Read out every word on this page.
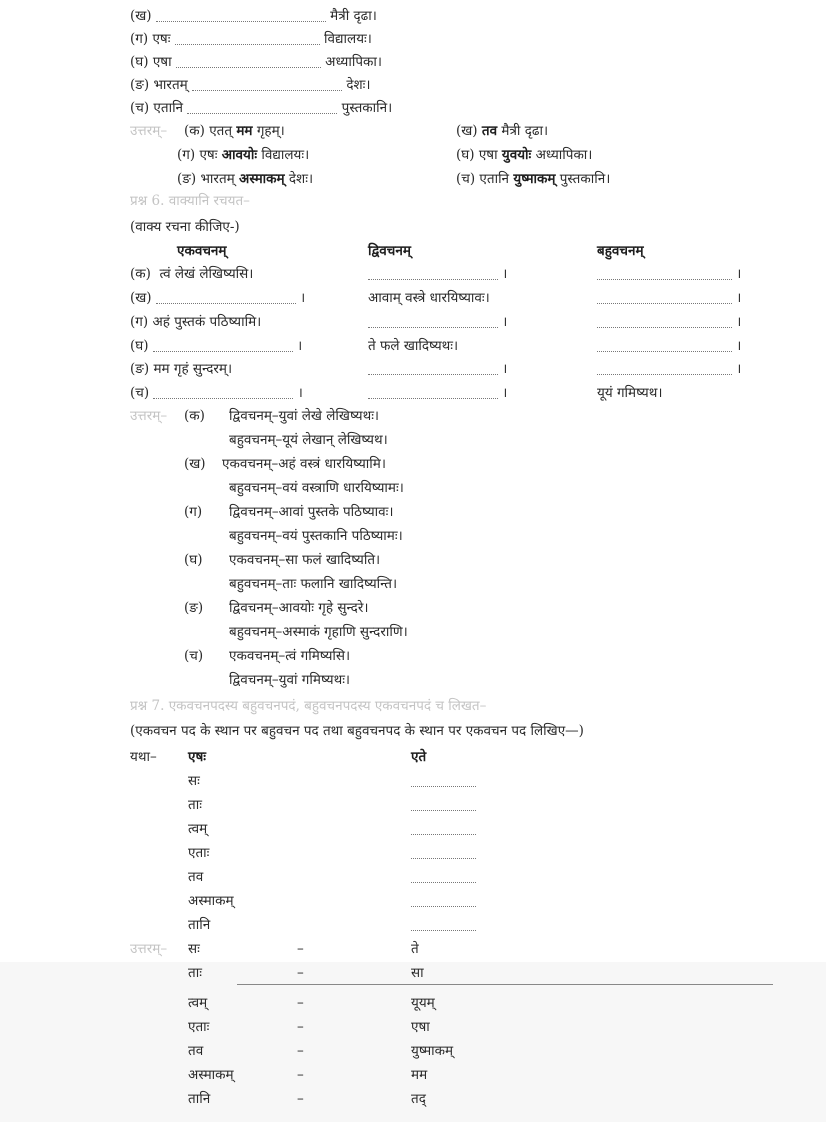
(ख)	मैत्री दृढा।
(ग) एषः	विद्यालयः।
(घ) एषा	अध्यापिका।
(ङ) भारतम्	देशः।
(च) एतानि	पुस्तकानि।
उत्तरम्– (क) एतत् मम गृहम्।	(ख) तव मैत्री दृढा।
(ग) एषः आवयोः विद्यालयः।	(घ) एषा युवयोः अध्यापिका।
(ङ) भारतम् अस्माकम् देशः।	(च) एतानि युष्माकम् पुस्तकानि।
प्रश्न 6. वाक्यानि रचयत–
(वाक्य रचना कीजिए-)
एकवचनम्	द्विवचनम्	बहुवचनम्
(क) त्वं लेखं लेखिष्यसि।	।	।
(ख)	।	आवाम् वस्त्रे धारयिष्यावः।	।
(ग) अहं पुस्तकं पठिष्यामि।	।	।
(घ)	।	ते फले खादिष्यथः।	।
(ङ) मम गृहं सुन्दरम्।	।	।
(च)	।	।	यूयं गमिष्यथ।
उत्तरम्– (क) द्विवचनम्–युवां लेखे लेखिष्यथः।
बहुवचनम्–यूयं लेखान् लेखिष्यथ।
(ख) एकवचनम्–अहं वस्त्रं धारयिष्यामि।
बहुवचनम्–वयं वस्त्राणि धारयिष्यामः।
(ग) द्विवचनम्–आवां पुस्तके पठिष्यावः।
बहुवचनम्–वयं पुस्तकानि पठिष्यामः।
(घ) एकवचनम्–सा फलं खादिष्यति।
बहुवचनम्–ताः फलानि खादिष्यन्ति।
(ङ) द्विवचनम्–आवयोः गृहे सुन्दरे।
बहुवचनम्–अस्माकं गृहाणि सुन्दराणि।
(च) एकवचनम्–त्वं गमिष्यसि।
द्विवचनम्–युवां गमिष्यथः।
प्रश्न 7. एकवचनपदस्य बहुवचनपदं, बहुवचनपदस्य एकवचनपदं च लिखत–
(एकवचन पद के स्थान पर बहुवचन पद तथा बहुवचनपद के स्थान पर एकवचन पद लिखिए—)
यथा– एषः	एते
सः
ताः
त्वम्
एताः
तव
अस्माकम्
तानि
उत्तरम्– सः	–	ते
ताः	–	सा
त्वम्	–	यूयम्
एताः	–	एषा
तव	–	युष्माकम्
अस्माकम्	–	मम
तानि	–	तद्
